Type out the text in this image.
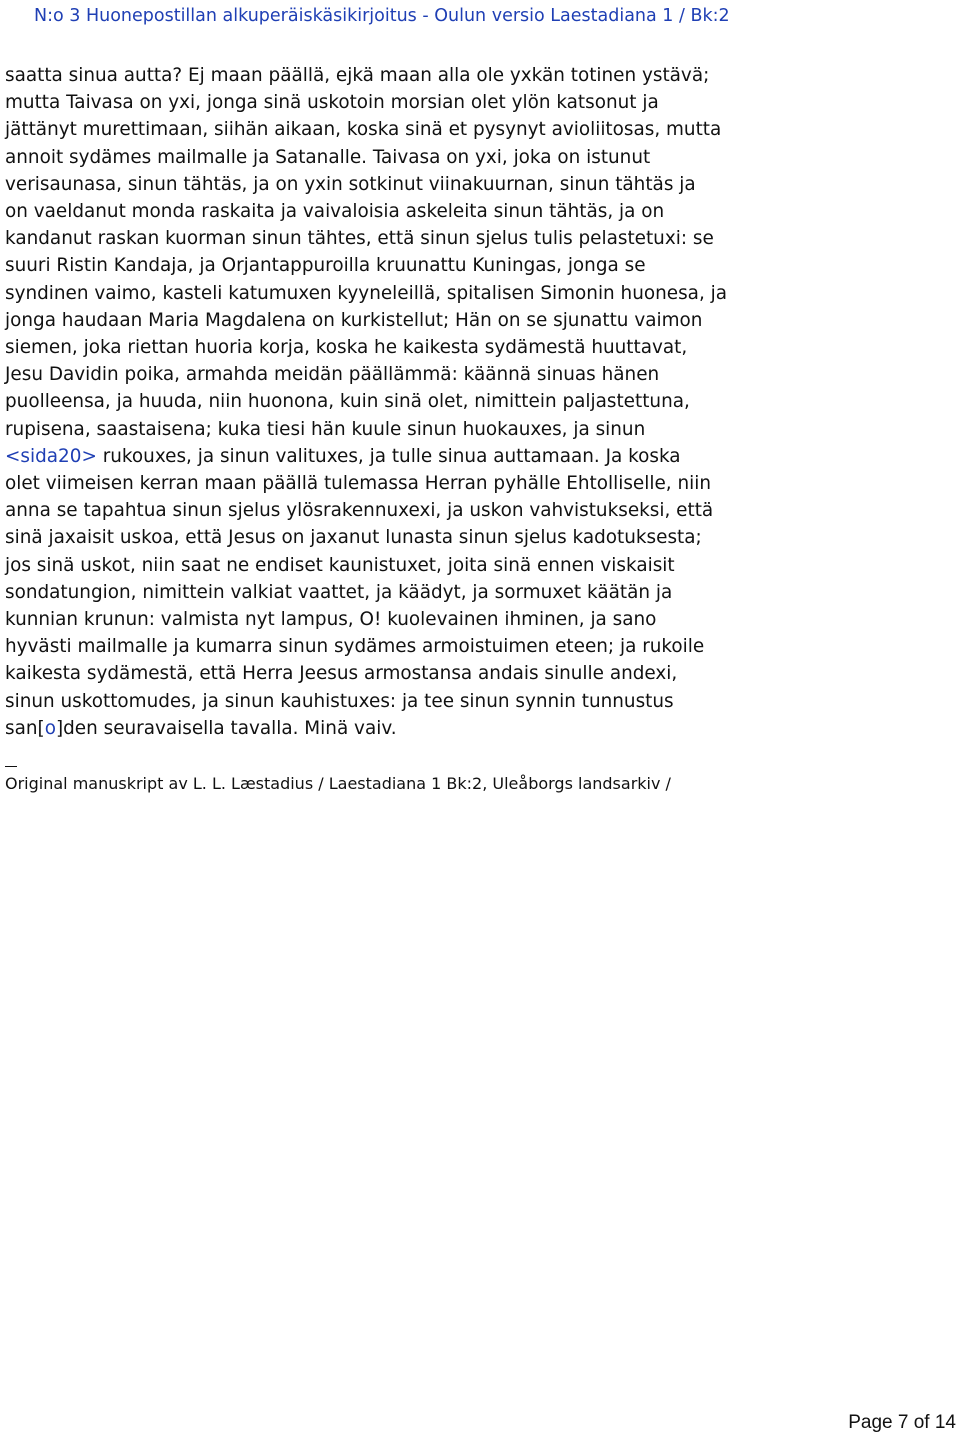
N:o 3 Huonepostillan alkuperäiskäsikirjoitus - Oulun versio Laestadiana 1 / Bk:2
saatta sinua autta? Ej maan päällä, ejkä maan alla ole yxkän totinen ystävä;
mutta Taivasa on yxi, jonga sinä uskotoin morsian olet ylön katsonut ja
jättänyt murettimaan, siihän aikaan, koska sinä et pysynyt avioliitosas, mutta
annoit sydämes mailmalle ja Satanalle. Taivasa on yxi, joka on istunut
verisaunasa, sinun tähtäs, ja on yxin sotkinut viinakuurnan, sinun tähtäs ja
on vaeldanut monda raskaita ja vaivaloisia askeleita sinun tähtäs, ja on
kandanut raskan kuorman sinun tähtes, että sinun sjelus tulis pelastetuxi: se
suuri Ristin Kandaja, ja Orjantappuroilla kruunattu Kuningas, jonga se
syndinen vaimo, kasteli katumuxen kyyneleillä, spitalisen Simonin huonesa, ja
jonga haudaan Maria Magdalena on kurkistellut; Hän on se sjunattu vaimon
siemen, joka riettan huoria korja, koska he kaikesta sydämestä huuttavat,
Jesu Davidin poika, armahda meidän päällämmä: käännä sinuas hänen
puolleensa, ja huuda, niin huonona, kuin sinä olet, nimittein paljastettuna,
rupisena, saastaisena; kuka tiesi hän kuule sinun huokauxes, ja sinun
<sida20> rukouxes, ja sinun valituxes, ja tulle sinua auttamaan. Ja koska
olet viimeisen kerran maan päällä tulemassa Herran pyhälle Ehtolliselle, niin
anna se tapahtua sinun sjelus ylösrakennuxexi, ja uskon vahvistukseksi, että
sinä jaxaisit uskoa, että Jesus on jaxanut lunasta sinun sjelus kadotuksesta;
jos sinä uskot, niin saat ne endiset kaunistuxet, joita sinä ennen viskaisit
sondatungion, nimittein valkiat vaattet, ja käädyt, ja sormuxet käätän ja
kunnian krunun: valmista nyt lampus, O! kuolevainen ihminen, ja sano
hyvästi mailmalle ja kumarra sinun sydämes armoistuimen eteen; ja rukoile
kaikesta sydämestä, että Herra Jeesus armostansa andais sinulle andexi,
sinun uskottomudes, ja sinun kauhistuxes: ja tee sinun synnin tunnustus
san[o]den seuravaisella tavalla. Minä vaiv.
Original manuskript av L. L. Læstadius / Laestadiana 1 Bk:2, Uleåborgs landsarkiv /
Page 7 of 14
